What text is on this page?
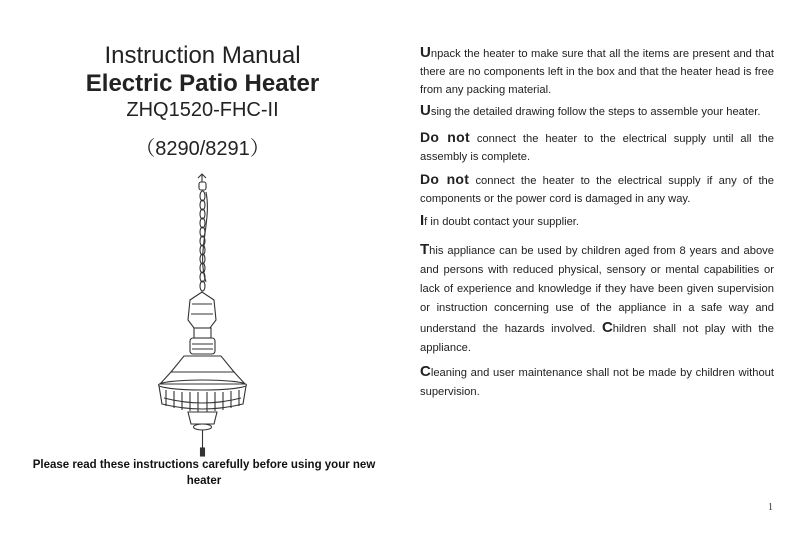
Instruction Manual
Electric Patio Heater
ZHQ1520-FHC-II
（8290/8291）
Please read these instructions carefully before using your new heater

Unpack the heater to make sure that all the items are present and that there are no components left in the box and that the heater head is free from any packing material.

Using the detailed drawing follow the steps to assemble your heater.

Do not connect the heater to the electrical supply until all the assembly is complete.

Do not connect the heater to the electrical supply if any of the components or the power cord is damaged in any way.

If in doubt contact your supplier.

This appliance can be used by children aged from 8 years and above and persons with reduced physical, sensory or mental capabilities or lack of experience and knowledge if they have been given supervision or instruction concerning use of the appliance in a safe way and understand the hazards involved. Children shall not play with the appliance.

Cleaning and user maintenance shall not be made by children without supervision.

1
